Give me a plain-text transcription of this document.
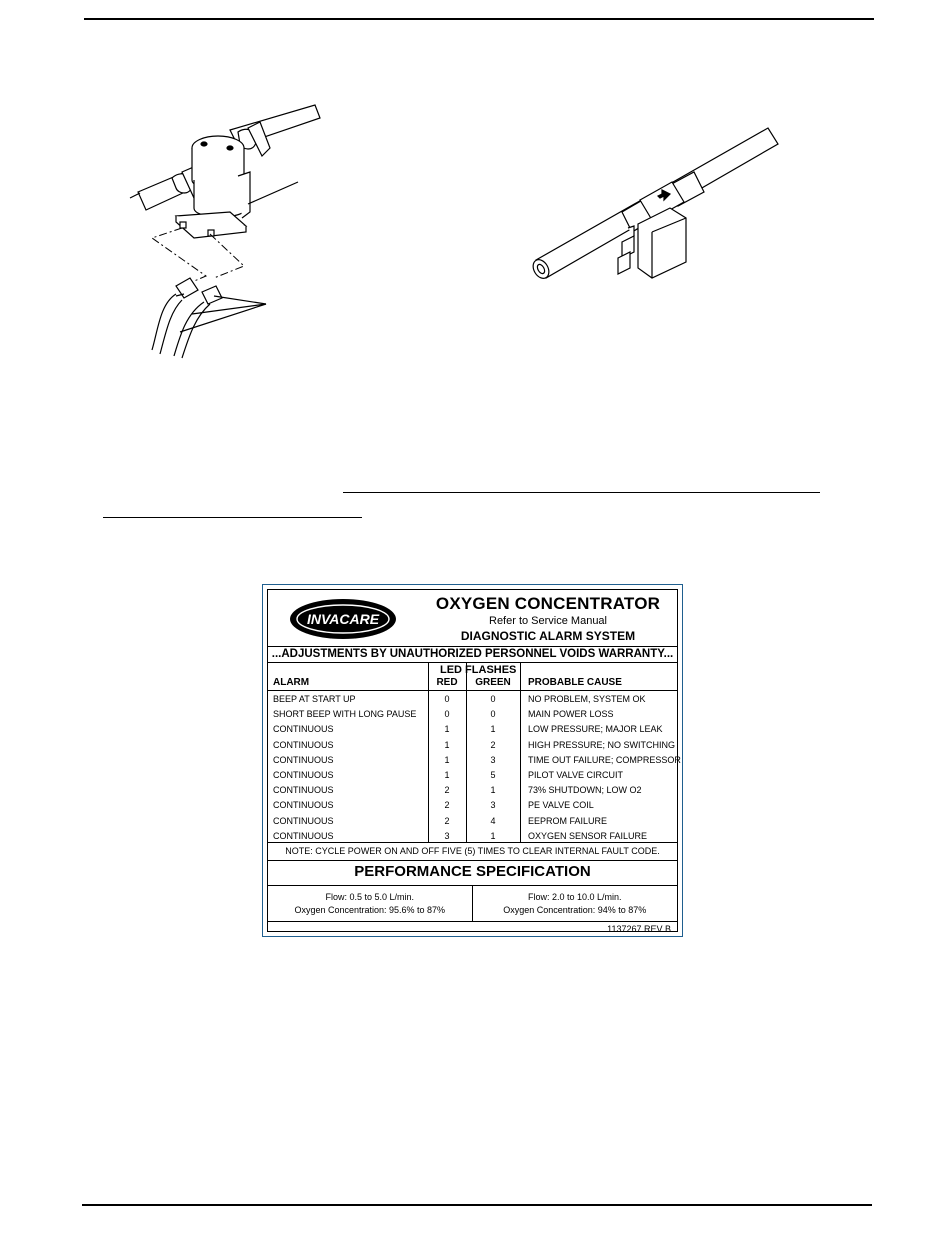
INVACARE
OXYGEN CONCENTRATOR
Refer to Service Manual
DIAGNOSTIC ALARM SYSTEM
...ADJUSTMENTS BY UNAUTHORIZED PERSONNEL VOIDS WARRANTY...
LED FLASHES
ALARM	RED	GREEN	PROBABLE CAUSE
BEEP AT START UP	0	0	NO PROBLEM, SYSTEM OK
SHORT BEEP WITH LONG PAUSE	0	0	MAIN POWER LOSS
CONTINUOUS	1	1	LOW PRESSURE; MAJOR LEAK
CONTINUOUS	1	2	HIGH PRESSURE; NO SWITCHING
CONTINUOUS	1	3	TIME OUT FAILURE; COMPRESSOR
CONTINUOUS	1	5	PILOT VALVE CIRCUIT
CONTINUOUS	2	1	73% SHUTDOWN; LOW O2
CONTINUOUS	2	3	PE VALVE COIL
CONTINUOUS	2	4	EEPROM FAILURE
CONTINUOUS	3	1	OXYGEN SENSOR FAILURE
NOTE: CYCLE POWER ON AND OFF FIVE (5) TIMES TO CLEAR INTERNAL FAULT CODE.
PERFORMANCE SPECIFICATION
Flow: 0.5 to 5.0 L/min.
Oxygen Concentration: 95.6% to 87%
Flow: 2.0 to 10.0 L/min.
Oxygen Concentration: 94% to 87%
1137267 REV B
